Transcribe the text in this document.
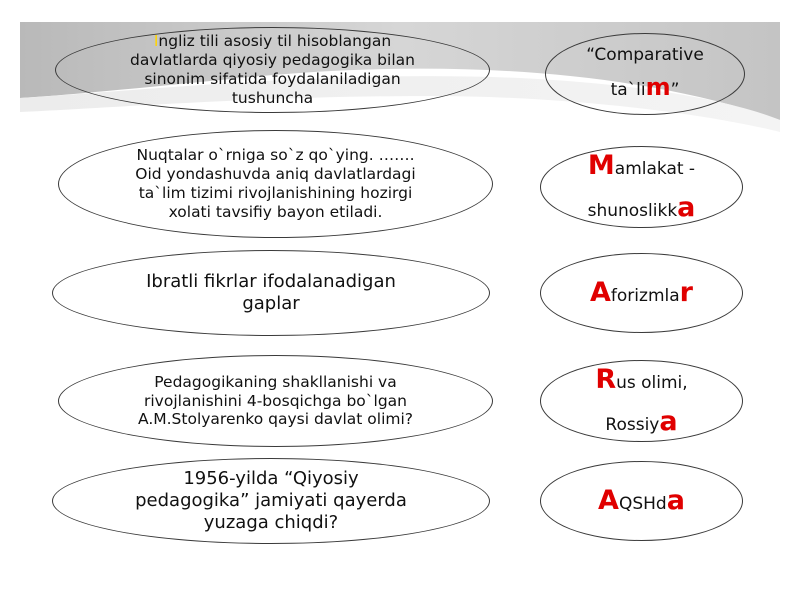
Ingliz tili asosiy til hisoblangan davlatlarda qiyosiy pedagogika bilan sinonim sifatida foydalaniladigan tushuncha
“Comparative ta`lim”
Nuqtalar o`rniga so`z qo`ying. ……. Oid yondashuvda aniq davlatlardagi ta`lim tizimi rivojlanishining hozirgi xolati tavsifiy bayon etiladi.
Mamlakat - shunoslikka
Ibratli fikrlar ifodalanadigan gaplar	Aforizmlar
Pedagogikaning shakllanishi va rivojlanishini 4-bosqichga bo`lgan A.M.Stolyarenko qaysi davlat olimi?
Rus olimi, Rossiya
1956-yilda “Qiyosiy pedagogika” jamiyati qayerda yuzaga chiqdi?
AQSHda
